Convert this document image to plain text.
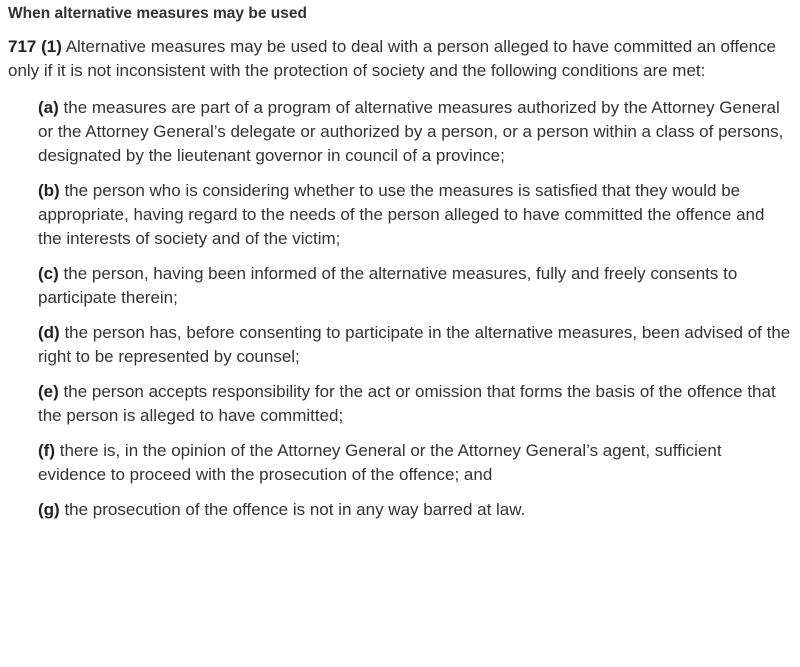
When alternative measures may be used

717 (1) Alternative measures may be used to deal with a person alleged to have committed an offence only if it is not inconsistent with the protection of society and the following conditions are met:

(a) the measures are part of a program of alternative measures authorized by the Attorney General or the Attorney General’s delegate or authorized by a person, or a person within a class of persons, designated by the lieutenant governor in council of a province;

(b) the person who is considering whether to use the measures is satisfied that they would be appropriate, having regard to the needs of the person alleged to have committed the offence and the interests of society and of the victim;

(c) the person, having been informed of the alternative measures, fully and freely consents to participate therein;

(d) the person has, before consenting to participate in the alternative measures, been advised of the right to be represented by counsel;

(e) the person accepts responsibility for the act or omission that forms the basis of the offence that the person is alleged to have committed;

(f) there is, in the opinion of the Attorney General or the Attorney General’s agent, sufficient evidence to proceed with the prosecution of the offence; and

(g) the prosecution of the offence is not in any way barred at law.
